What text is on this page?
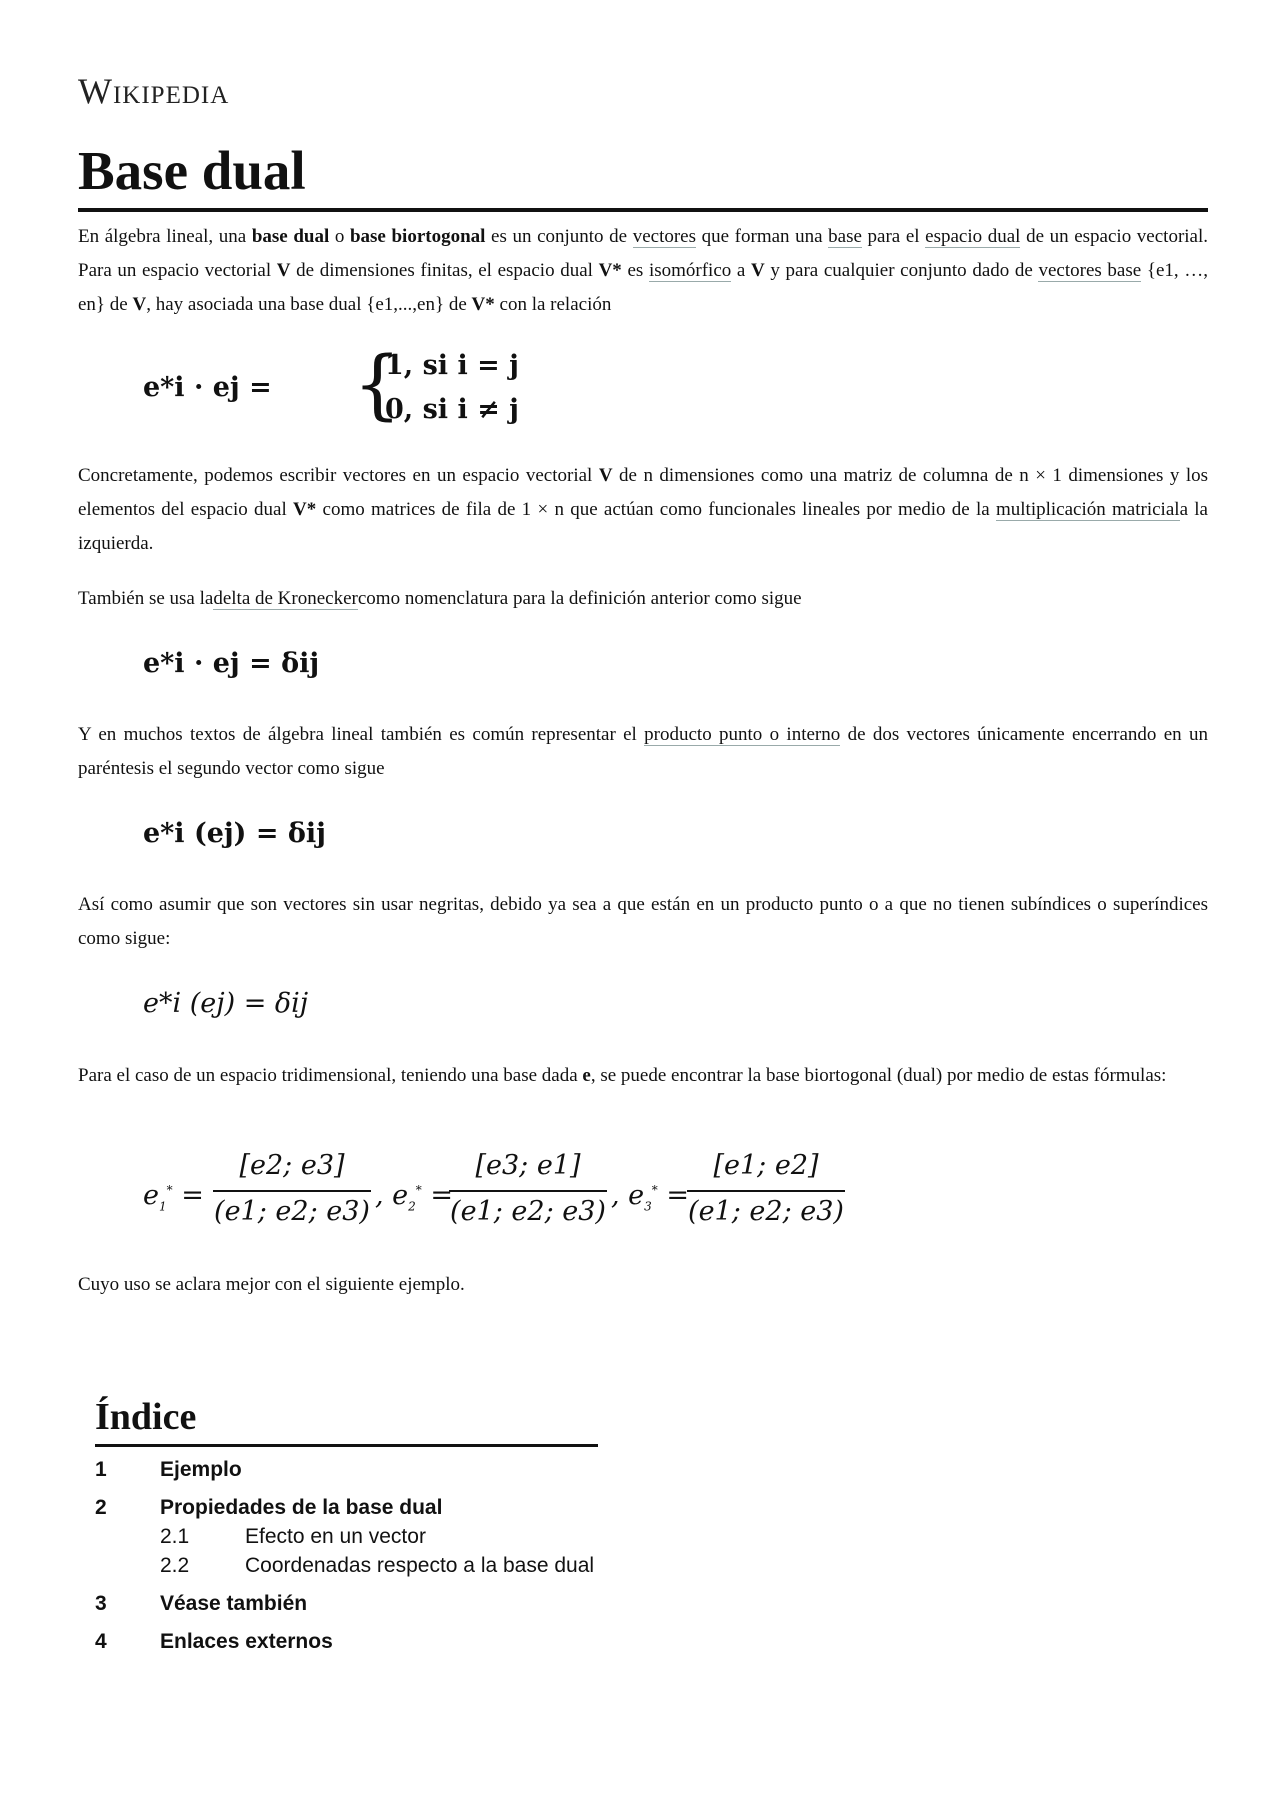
Wikipedia
Base dual

En álgebra lineal, una base dual o base biortogonal es un conjunto de vectores que forman una base para el espacio dual de un espacio vectorial. Para un espacio vectorial V de dimensiones finitas, el espacio dual V* es isomórfico a V y para cualquier conjunto dado de vectores base {e1, …, en} de V, hay asociada una base dual {e1,...,en} de V* con la relación

e*i · ej = {
1, si i = j
0, si i ≠ j

Concretamente, podemos escribir vectores en un espacio vectorial V de n dimensiones como una matriz de columna de n × 1 dimensiones y los elementos del espacio dual V* como matrices de fila de 1 × n que actúan como funcionales lineales por medio de la multiplicación matriciala la izquierda.

También se usa ladelta de Kroneckercomo nomenclatura para la definición anterior como sigue

e*i · ej = δij

Y en muchos textos de álgebra lineal también es común representar el producto punto o interno de dos vectores únicamente encerrando en un paréntesis el segundo vector como sigue

e*i (ej) = δij

Así como asumir que son vectores sin usar negritas, debido ya sea a que están en un producto punto o a que no tienen subíndices o superíndices como sigue:

e*i (ej) = δij

Para el caso de un espacio tridimensional, teniendo una base dada e, se puede encontrar la base biortogonal (dual) por medio de estas fórmulas:

$e_1^*$ =
[e2; e3]
(e1; e2; e3)
, $e_2^*$ =
[e3; e1]
(e1; e2; e3)
, $e_3^*$ =
[e1; e2]
(e1; e2; e3)

Cuyo uso se aclara mejor con el siguiente ejemplo.

Índice
1	Ejemplo
2	Propiedades de la base dual
2.1	Efecto en un vector
2.2	Coordenadas respecto a la base dual
3	Véase también
4	Enlaces externos
